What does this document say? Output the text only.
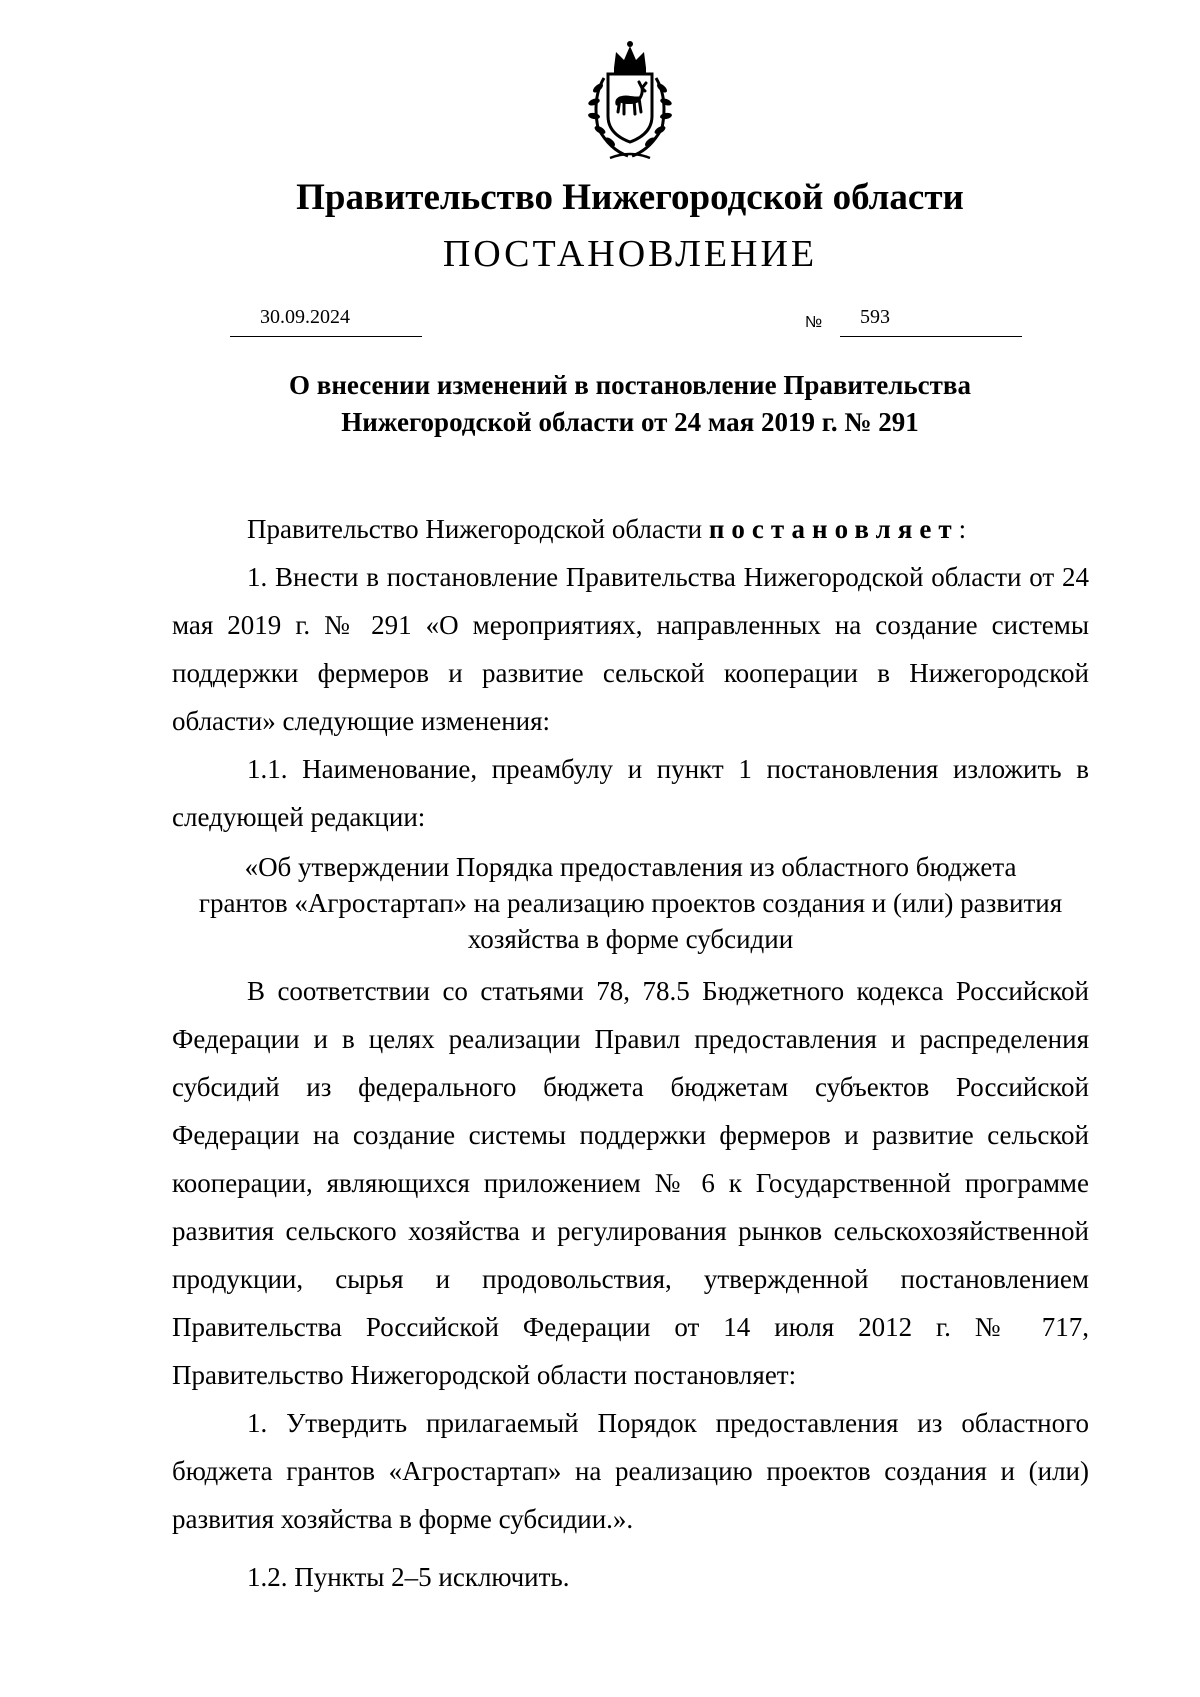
Правительство Нижегородской области
ПОСТАНОВЛЕНИЕ
30.09.2024	№ 593
О внесении изменений в постановление Правительства
Нижегородской области от 24 мая 2019 г. № 291

Правительство Нижегородской области постановляет:

1. Внести в постановление Правительства Нижегородской области от 24 мая 2019 г. № 291 «О мероприятиях, направленных на создание системы поддержки фермеров и развитие сельской кооперации в Нижегородской области» следующие изменения:

1.1. Наименование, преамбулу и пункт 1 постановления изложить в следующей редакции:

«Об утверждении Порядка предоставления из областного бюджета
грантов «Агростартап» на реализацию проектов создания и (или) развития
хозяйства в форме субсидии

В соответствии со статьями 78, 78.5 Бюджетного кодекса Российской Федерации и в целях реализации Правил предоставления и распределения субсидий из федерального бюджета бюджетам субъектов Российской Федерации на создание системы поддержки фермеров и развитие сельской кооперации, являющихся приложением № 6 к Государственной программе развития сельского хозяйства и регулирования рынков сельскохозяйственной продукции, сырья и продовольствия, утвержденной постановлением Правительства Российской Федерации от 14 июля 2012 г. № 717, Правительство Нижегородской области постановляет:

1. Утвердить прилагаемый Порядок предоставления из областного бюджета грантов «Агростартап» на реализацию проектов создания и (или) развития хозяйства в форме субсидии.».

1.2. Пункты 2–5 исключить.
